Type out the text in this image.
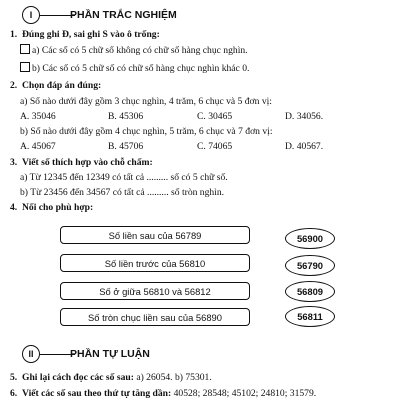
I	PHẦN TRẮC NGHIỆM
1. Đúng ghi Đ, sai ghi S vào ô trống:
a) Các số có 5 chữ số không có chữ số hàng chục nghìn.
b) Các số có 5 chữ số có chữ số hàng chục nghìn khác 0.
2. Chọn đáp án đúng:
a) Số nào dưới đây gồm 3 chục nghìn, 4 trăm, 6 chục và 5 đơn vị:
A. 35046	B. 45306	C. 30465	D. 34056.
b) Số nào dưới đây gồm 4 chục nghìn, 5 trăm, 6 chục và 7 đơn vị:
A. 45067	B. 45706	C. 74065	D. 40567.
3. Viết số thích hợp vào chỗ chấm:
a) Từ 12345 đến 12349 có tất cả ......... số có 5 chữ số.
b) Từ 23456 đến 34567 có tất cả ......... số tròn nghìn.
4. Nối cho phù hợp:
Số liền sau của 56789
Số liền trước của 56810
Số ở giữa 56810 và 56812
Số tròn chục liền sau của 56890
56900
56790
56809
56811
II	PHẦN TỰ LUẬN
5. Ghi lại cách đọc các số sau: a) 26054. b) 75301.
6. Viết các số sau theo thứ tự tăng dần: 40528; 28548; 45102; 24810; 31579.
